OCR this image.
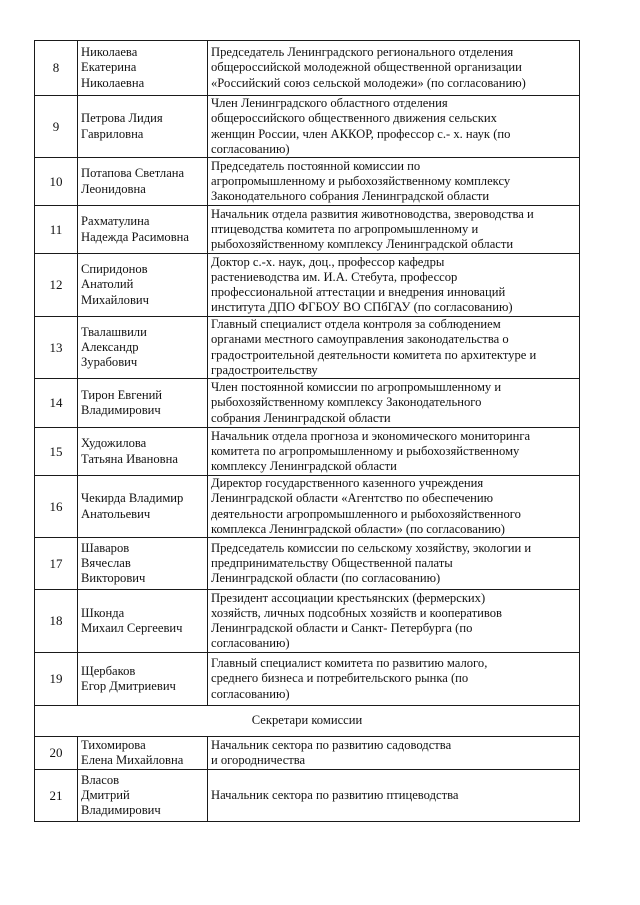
8	Николаева
Екатерина
Николаевна	Председатель Ленинградского регионального отделения
общероссийской молодежной общественной организации
«Российский союз сельской молодежи» (по согласованию)

9	Петрова Лидия
Гавриловна	Член Ленинградского областного отделения
общероссийского общественного движения сельских
женщин России, член АККОР, профессор с.- х. наук (по
согласованию)

10	Потапова Светлана
Леонидовна	Председатель постоянной комиссии по
агропромышленному и рыбохозяйственному комплексу
Законодательного собрания Ленинградской области

11	Рахматулина
Надежда Расимовна	Начальник отдела развития животноводства, звероводства и
птицеводства комитета по агропромышленному и
рыбохозяйственному комплексу Ленинградской области

12	Спиридонов
Анатолий
Михайлович	Доктор с.-х. наук, доц., профессор кафедры
растениеводства им. И.А. Стебута, профессор
профессиональной аттестации и внедрения инноваций
института ДПО ФГБОУ ВО СПбГАУ (по согласованию)

13	Твалашвили
Александр
Зурабович	Главный специалист отдела контроля за соблюдением
органами местного самоуправления законодательства о
градостроительной деятельности комитета по архитектуре и
градостроительству

14	Тирон Евгений
Владимирович	Член постоянной комиссии по агропромышленному и
рыбохозяйственному комплексу Законодательного
собрания Ленинградской области

15	Художилова
Татьяна Ивановна	Начальник отдела прогноза и экономического мониторинга
комитета по агропромышленному и рыбохозяйственному
комплексу Ленинградской области

16	Чекирда Владимир
Анатольевич	Директор государственного казенного учреждения
Ленинградской области «Агентство по обеспечению
деятельности агропромышленного и рыбохозяйственного
комплекса Ленинградской области» (по согласованию)

17	Шаваров
Вячеслав
Викторович	Председатель комиссии по сельскому хозяйству, экологии и
предпринимательству Общественной палаты
Ленинградской области (по согласованию)

18	Шконда
Михаил Сергеевич	Президент ассоциации крестьянских (фермерских)
хозяйств, личных подсобных хозяйств и кооперативов
Ленинградской области и Санкт- Петербурга (по
согласованию)

19	Щербаков
Егор Дмитриевич	Главный специалист комитета по развитию малого,
среднего бизнеса и потребительского рынка (по
согласованию)

Секретари комиссии		
20	Тихомирова
Елена Михайловна	Начальник сектора по развитию садоводства
и огородничества

21	Власов
Дмитрий
Владимирович	Начальник сектора по развитию птицеводства
